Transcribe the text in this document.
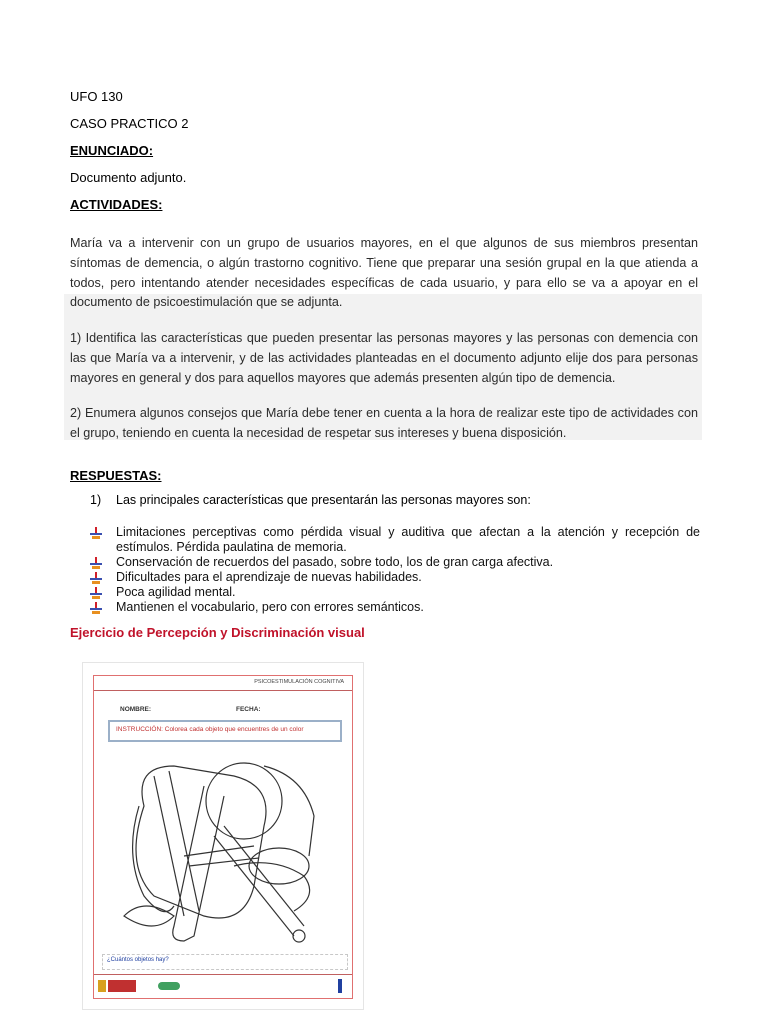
UFO 130
CASO PRACTICO 2
ENUNCIADO:
Documento adjunto.
ACTIVIDADES:
María va a intervenir con un grupo de usuarios mayores, en el que algunos de sus miembros presentan síntomas de demencia, o algún trastorno cognitivo. Tiene que preparar una sesión grupal en la que atienda a todos, pero intentando atender necesidades específicas de cada usuario, y para ello se va a apoyar en el documento de psicoestimulación que se adjunta.
1) Identifica las características que pueden presentar las personas mayores y las personas con demencia con las que María va a intervenir, y de las actividades planteadas en el documento adjunto elije dos para personas mayores en general y dos para aquellos mayores que además presenten algún tipo de demencia.
2) Enumera algunos consejos que María debe tener en cuenta a la hora de realizar este tipo de actividades con el grupo, teniendo en cuenta la necesidad de respetar sus intereses y buena disposición.
RESPUESTAS:
1) Las principales características que presentarán las personas mayores son:
Limitaciones perceptivas como pérdida visual y auditiva que afectan a la atención y recepción de estímulos. Pérdida paulatina de memoria.
Conservación de recuerdos del pasado, sobre todo, los de gran carga afectiva.
Dificultades para el aprendizaje de nuevas habilidades.
Poca agilidad mental.
Mantienen el vocabulario, pero con errores semánticos.
Ejercicio de Percepción y Discriminación visual
PSICOESTIMULACIÓN COGNITIVA
NOMBRE:	FECHA:
INSTRUCCIÓN: Colorea cada objeto que encuentres de un color
¿Cuántos objetos hay?
